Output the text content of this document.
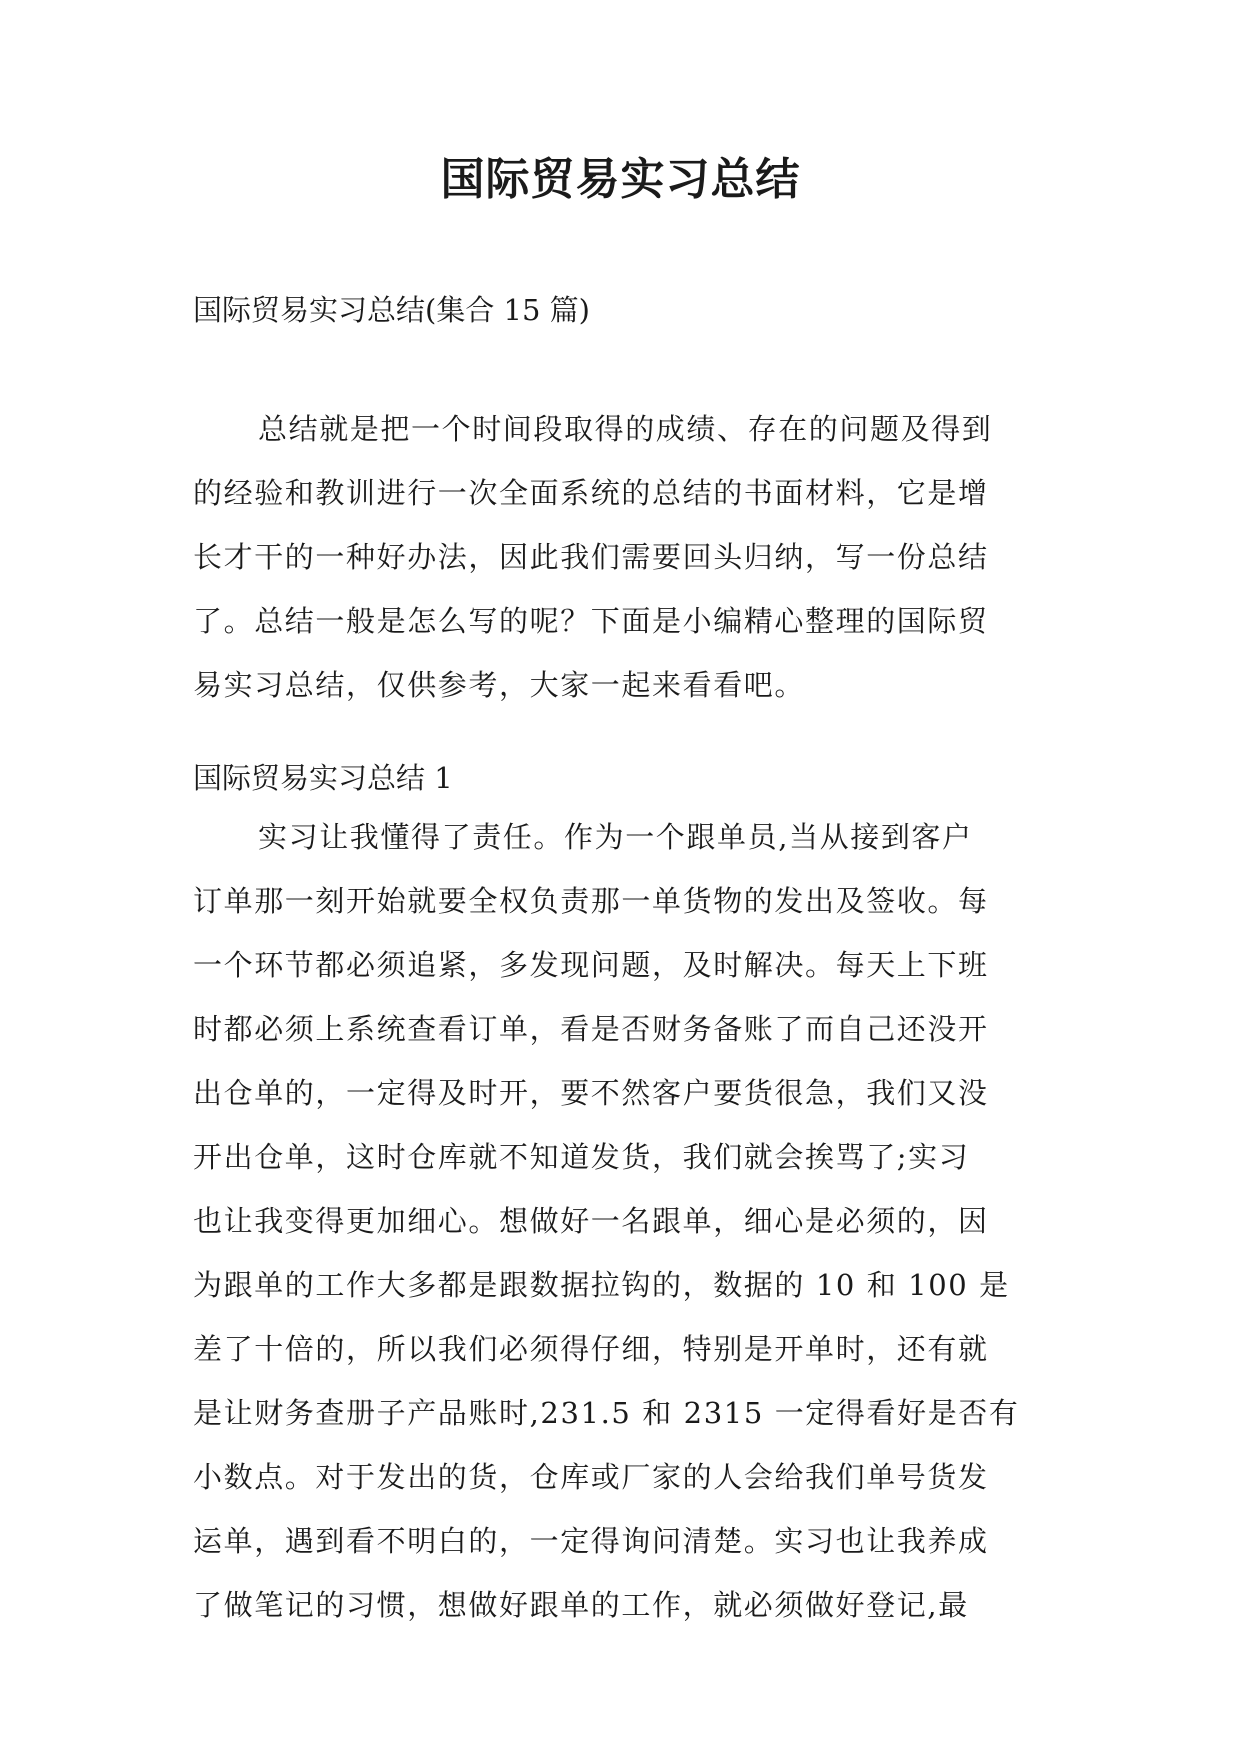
国际贸易实习总结

国际贸易实习总结(集合 15 篇)

总结就是把一个时间段取得的成绩、存在的问题及得到
的经验和教训进行一次全面系统的总结的书面材料，它是增
长才干的一种好办法，因此我们需要回头归纳，写一份总结
了。总结一般是怎么写的呢？下面是小编精心整理的国际贸
易实习总结，仅供参考，大家一起来看看吧。

国际贸易实习总结 1

实习让我懂得了责任。作为一个跟单员,当从接到客户
订单那一刻开始就要全权负责那一单货物的发出及签收。每
一个环节都必须追紧，多发现问题，及时解决。每天上下班
时都必须上系统查看订单，看是否财务备账了而自己还没开
出仓单的，一定得及时开，要不然客户要货很急，我们又没
开出仓单，这时仓库就不知道发货，我们就会挨骂了;实习
也让我变得更加细心。想做好一名跟单，细心是必须的，因
为跟单的工作大多都是跟数据拉钩的，数据的 10 和 100 是
差了十倍的，所以我们必须得仔细，特别是开单时，还有就
是让财务查册子产品账时,231.5 和 2315 一定得看好是否有
小数点。对于发出的货，仓库或厂家的人会给我们单号货发
运单，遇到看不明白的，一定得询问清楚。实习也让我养成
了做笔记的习惯，想做好跟单的工作，就必须做好登记,最
